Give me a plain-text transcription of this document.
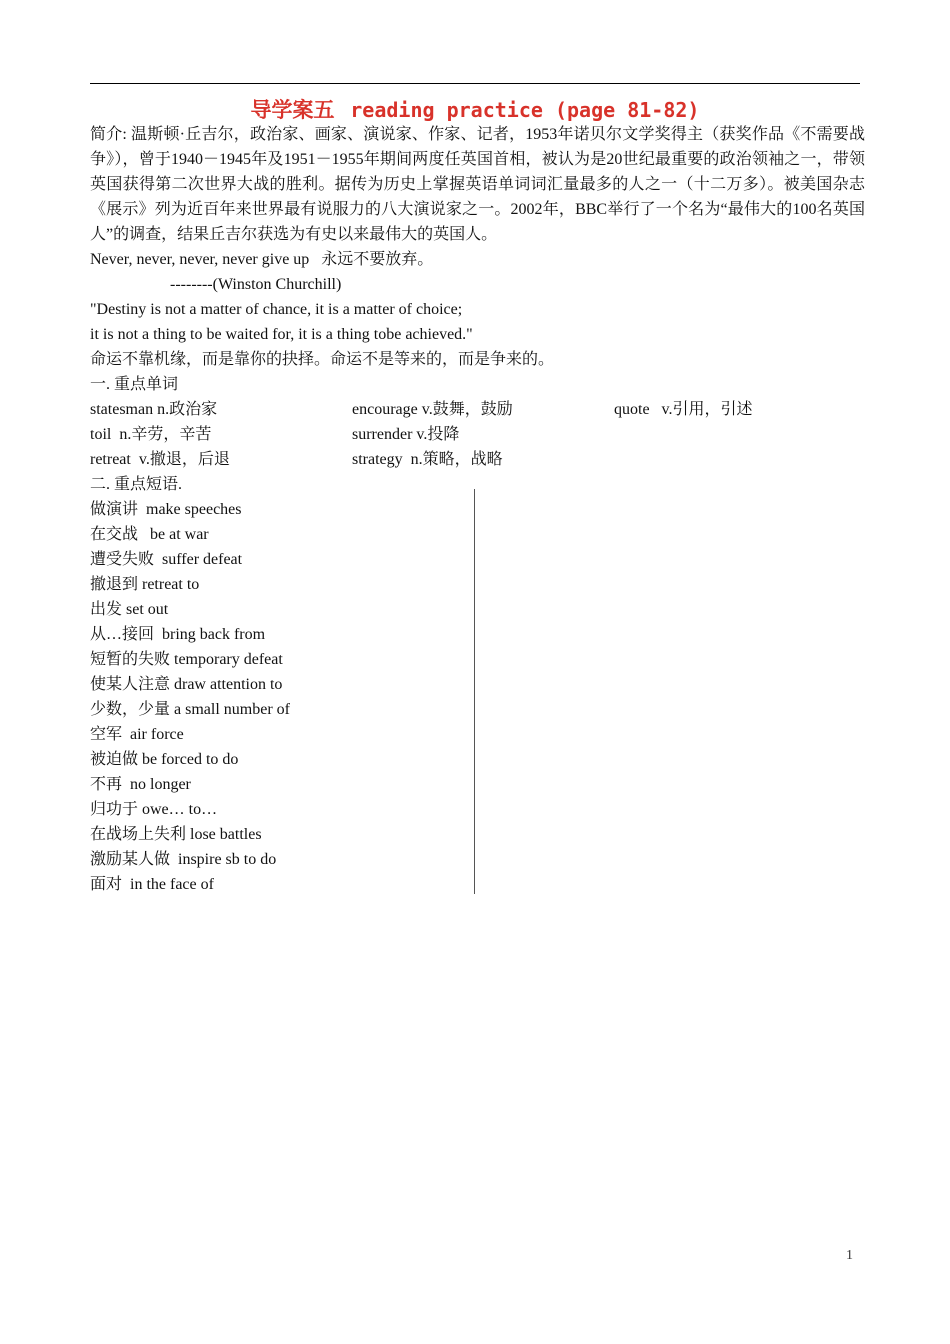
导学案五 reading practice (page 81-82)

简介: 温斯顿·丘吉尔，政治家、画家、演说家、作家、记者，1953年诺贝尔文学奖得主（获奖作品《不需要战争》），曾于1940－1945年及1951－1955年期间两度任英国首相，被认为是20世纪最重要的政治领袖之一，带领英国获得第二次世界大战的胜利。据传为历史上掌握英语单词词汇量最多的人之一（十二万多）。被美国杂志《展示》列为近百年来世界最有说服力的八大演说家之一。2002年，BBC举行了一个名为“最伟大的100名英国人”的调查，结果丘吉尔获选为有史以来最伟大的英国人。

Never, never, never, never give up   永远不要放弃。
--------(Winston Churchill)
"Destiny is not a matter of chance, it is a matter of choice;
it is not a thing to be waited for, it is a thing tobe achieved."
命运不靠机缘，而是靠你的抉择。命运不是等来的，而是争来的。
一. 重点单词
statesman n.政治家	encourage v.鼓舞，鼓励	quote   v.引用，引述
toil  n.辛劳，辛苦	surrender v.投降
retreat  v.撤退，后退	strategy  n.策略，战略
二. 重点短语.
做演讲  make speeches
在交战   be at war
遭受失败  suffer defeat
撤退到 retreat to
出发 set out
从…接回  bring back from
短暂的失败 temporary defeat
使某人注意 draw attention to
少数，少量 a small number of
空军  air force
被迫做 be forced to do
不再  no longer
归功于 owe… to…
在战场上失利 lose battles
激励某人做  inspire sb to do
面对  in the face of
1
